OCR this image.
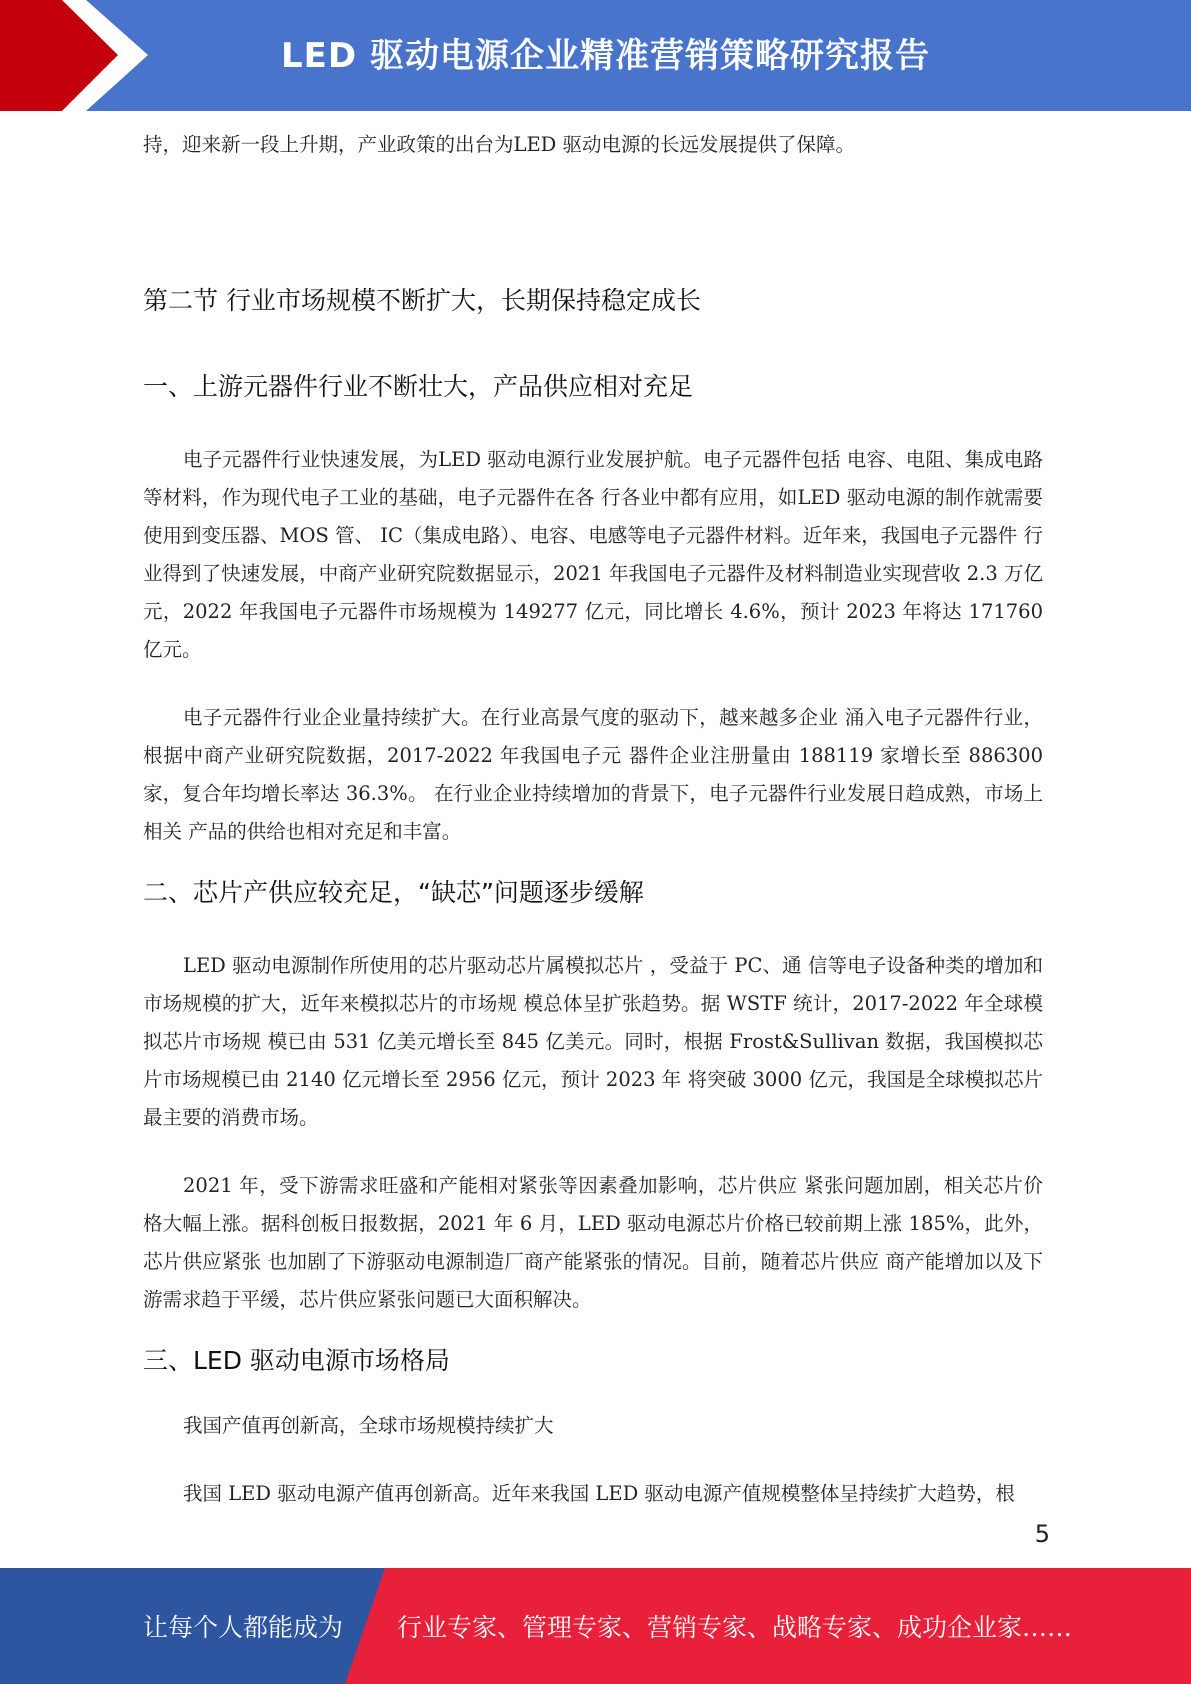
LED 驱动电源企业精准营销策略研究报告

持，迎来新一段上升期，产业政策的出台为LED 驱动电源的长远发展提供了保障。

第二节 行业市场规模不断扩大，长期保持稳定成长
一、上游元器件行业不断壮大，产品供应相对充足

电子元器件行业快速发展，为LED 驱动电源行业发展护航。电子元器件包括 电容、电阻、集成电路等材料，作为现代电子工业的基础，电子元器件在各 行各业中都有应用，如LED 驱动电源的制作就需要使用到变压器、MOS 管、 IC（集成电路）、电容、电感等电子元器件材料。近年来，我国电子元器件 行业得到了快速发展，中商产业研究院数据显示，2021 年我国电子元器件及材料制造业实现营收 2.3 万亿元，2022 年我国电子元器件市场规模为 149277 亿元，同比增长 4.6%，预计 2023 年将达 171760 亿元。

电子元器件行业企业量持续扩大。在行业高景气度的驱动下，越来越多企业 涌入电子元器件行业，根据中商产业研究院数据，2017-2022 年我国电子元 器件企业注册量由 188119 家增长至 886300 家，复合年均增长率达 36.3%。 在行业企业持续增加的背景下，电子元器件行业发展日趋成熟，市场上相关 产品的供给也相对充足和丰富。

二、芯片产供应较充足，“缺芯”问题逐步缓解

LED 驱动电源制作所使用的芯片驱动芯片属模拟芯片 ，受益于 PC、通 信等电子设备种类的增加和市场规模的扩大，近年来模拟芯片的市场规 模总体呈扩张趋势。据 WSTF 统计，2017-2022 年全球模拟芯片市场规 模已由 531 亿美元增长至 845 亿美元。同时，根据 Frost&Sullivan 数据，我国模拟芯片市场规模已由 2140 亿元增长至 2956 亿元，预计 2023 年 将突破 3000 亿元，我国是全球模拟芯片最主要的消费市场。

2021 年，受下游需求旺盛和产能相对紧张等因素叠加影响，芯片供应 紧张问题加剧，相关芯片价格大幅上涨。据科创板日报数据，2021 年 6 月，LED 驱动电源芯片价格已较前期上涨 185%，此外，芯片供应紧张 也加剧了下游驱动电源制造厂商产能紧张的情况。目前，随着芯片供应 商产能增加以及下游需求趋于平缓，芯片供应紧张问题已大面积解决。

三、LED 驱动电源市场格局

我国产值再创新高，全球市场规模持续扩大

我国 LED 驱动电源产值再创新高。近年来我国 LED 驱动电源产值规模整体呈持续扩大趋势，根

5
让每个人都能成为 行业专家、管理专家、营销专家、战略专家、成功企业家……
